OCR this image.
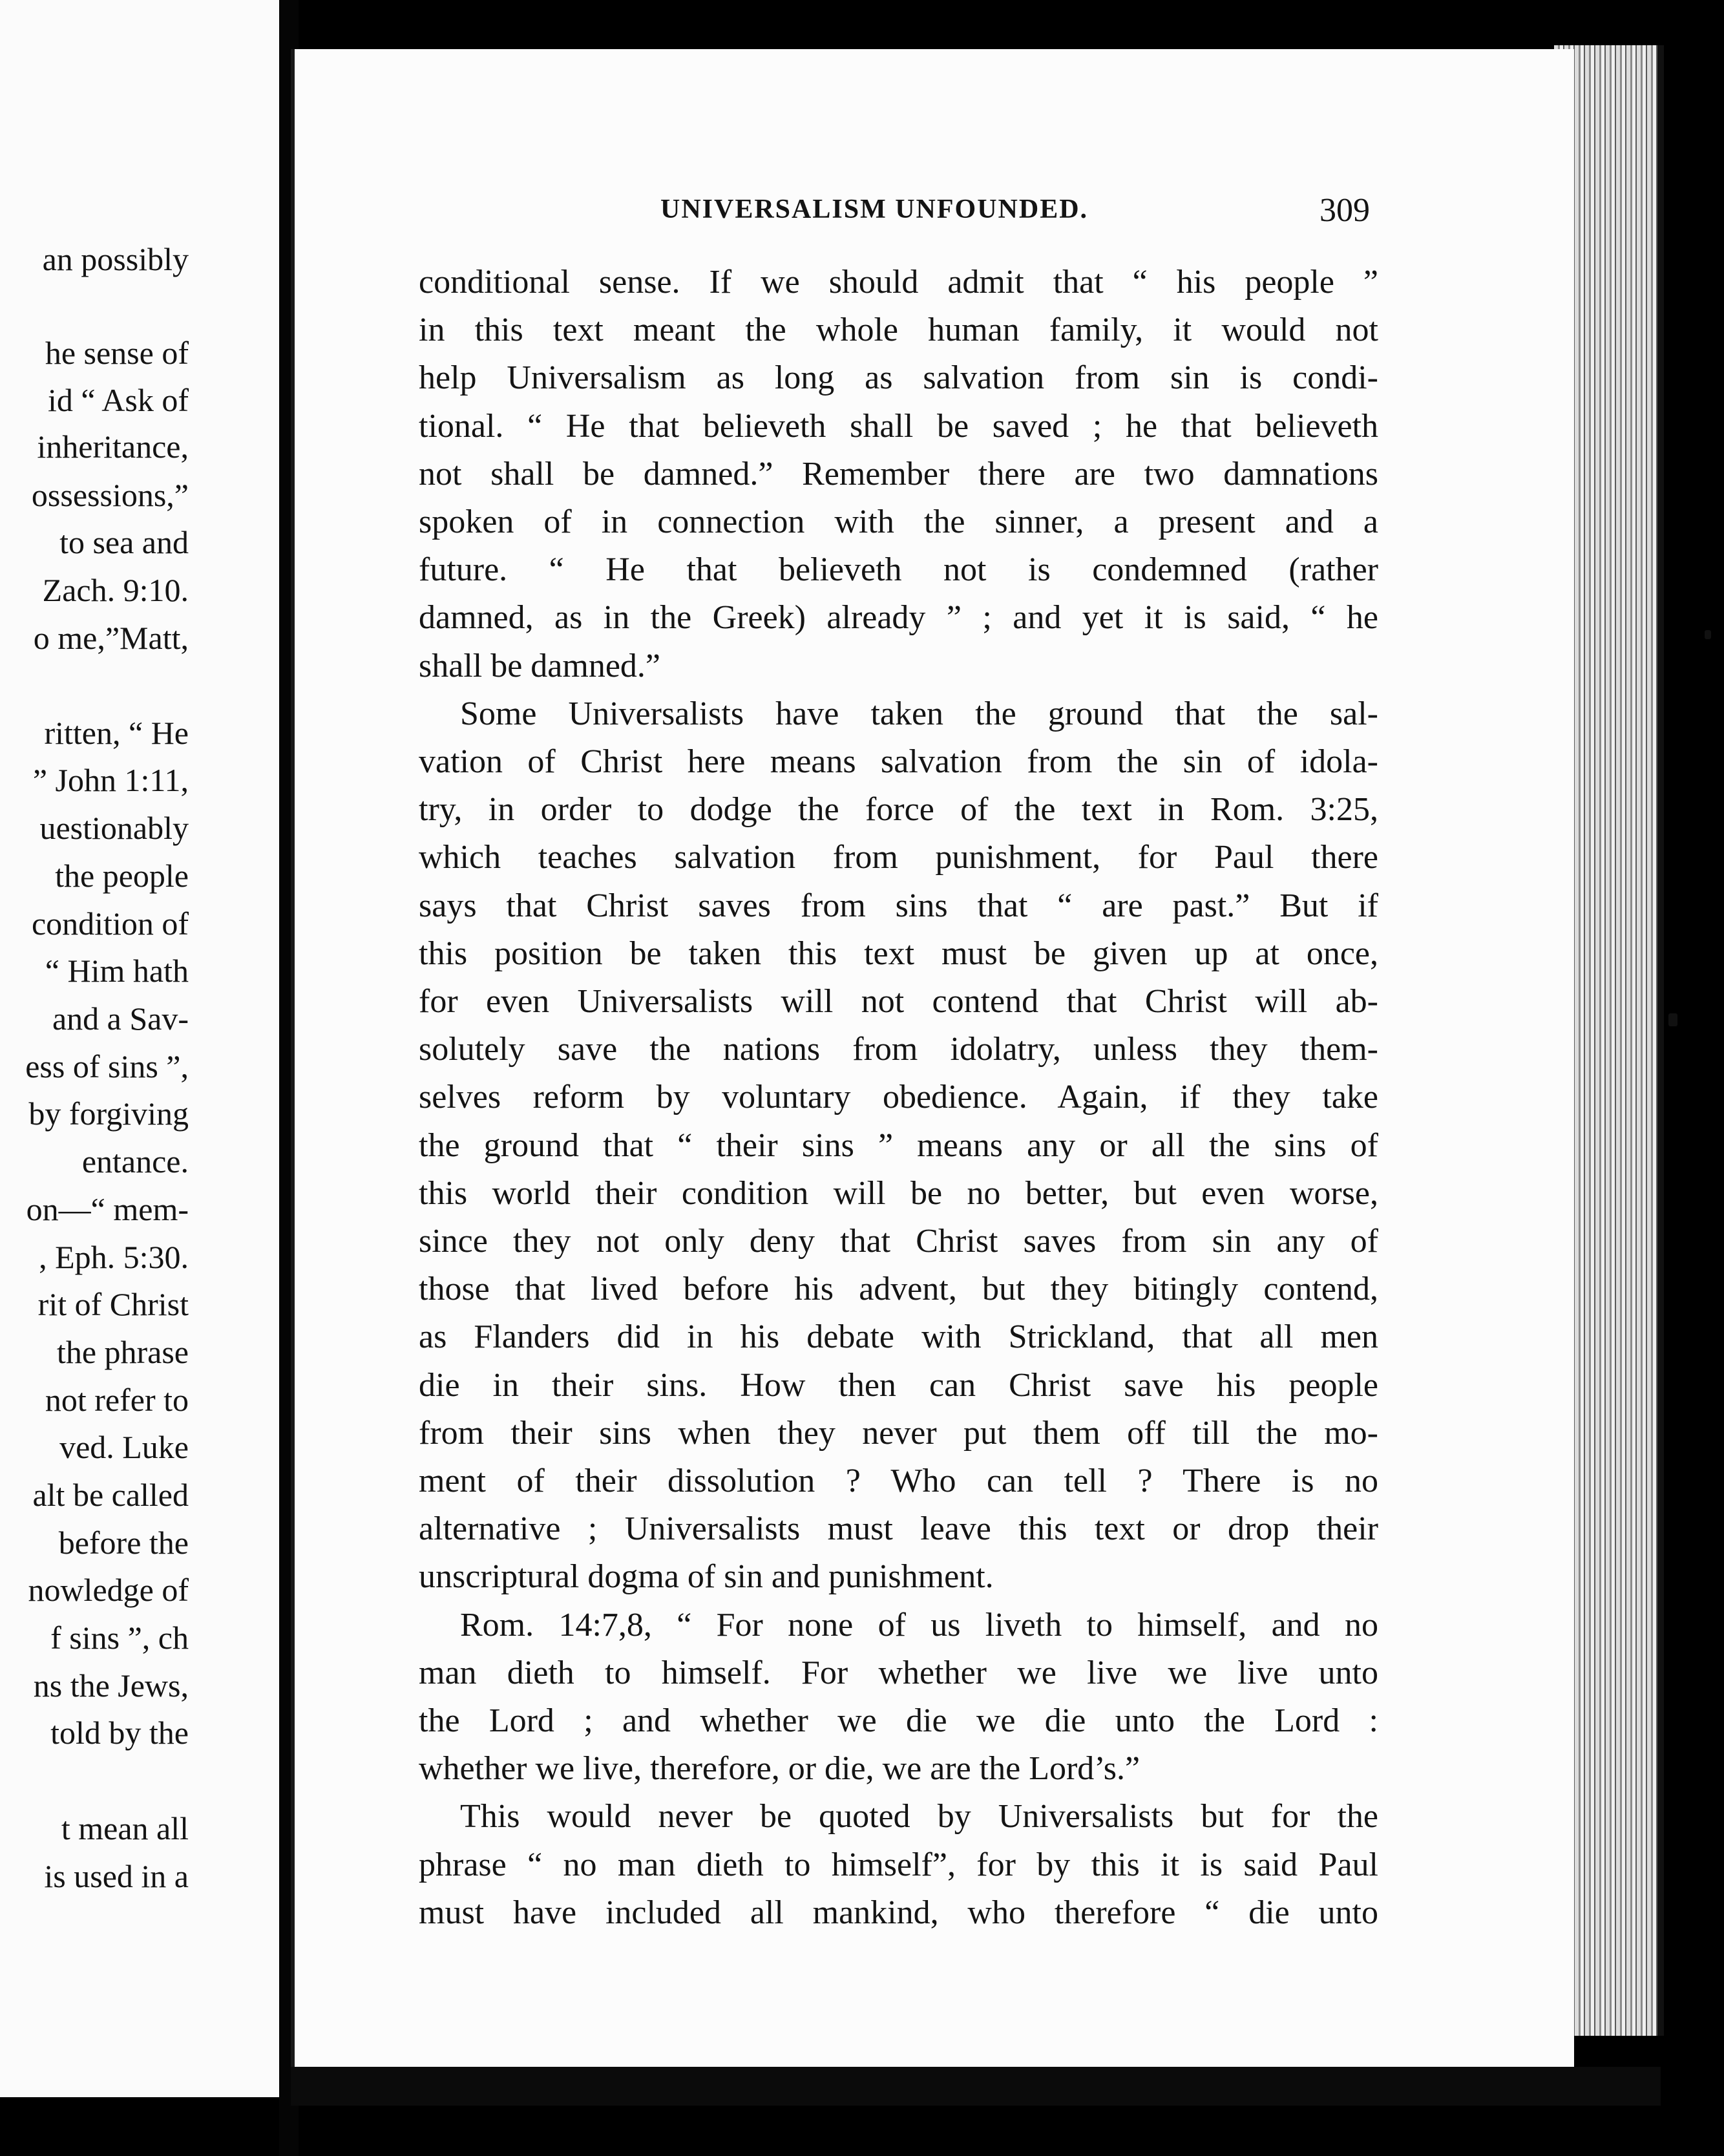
an possibly
he sense of
id “ Ask of
inheritance,
ossessions,”
to sea and
Zach. 9:10.
o me,”Matt,
ritten, “ He
” John 1:11,
uestionably
the people
condition of
“ Him hath
and a Sav-
ess of sins ”,
by forgiving
entance.
on—“ mem-
, Eph. 5:30.
rit of Christ
the phrase
not refer to
ved. Luke
alt be called
before the
nowledge of
f sins ”, ch
ns the Jews,
told by the
t mean all
is used in a
UNIVERSALISM UNFOUNDED.	309
conditional sense. If we should admit that “ his people ”
in this text meant the whole human family, it would not
help Universalism as long as salvation from sin is condi-
tional. “ He that believeth shall be saved ; he that believeth
not shall be damned.” Remember there are two damnations
spoken of in connection with the sinner, a present and a
future. “ He that believeth not is condemned (rather
damned, as in the Greek) already ” ; and yet it is said, “ he
shall be damned.”
Some Universalists have taken the ground that the sal-
vation of Christ here means salvation from the sin of idola-
try, in order to dodge the force of the text in Rom. 3:25,
which teaches salvation from punishment, for Paul there
says that Christ saves from sins that “ are past.” But if
this position be taken this text must be given up at once,
for even Universalists will not contend that Christ will ab-
solutely save the nations from idolatry, unless they them-
selves reform by voluntary obedience. Again, if they take
the ground that “ their sins ” means any or all the sins of
this world their condition will be no better, but even worse,
since they not only deny that Christ saves from sin any of
those that lived before his advent, but they bitingly contend,
as Flanders did in his debate with Strickland, that all men
die in their sins. How then can Christ save his people
from their sins when they never put them off till the mo-
ment of their dissolution ? Who can tell ? There is no
alternative ; Universalists must leave this text or drop their
unscriptural dogma of sin and punishment.
Rom. 14:7,8, “ For none of us liveth to himself, and no
man dieth to himself. For whether we live we live unto
the Lord ; and whether we die we die unto the Lord :
whether we live, therefore, or die, we are the Lord’s.”
This would never be quoted by Universalists but for the
phrase “ no man dieth to himself”, for by this it is said Paul
must have included all mankind, who therefore “ die unto
